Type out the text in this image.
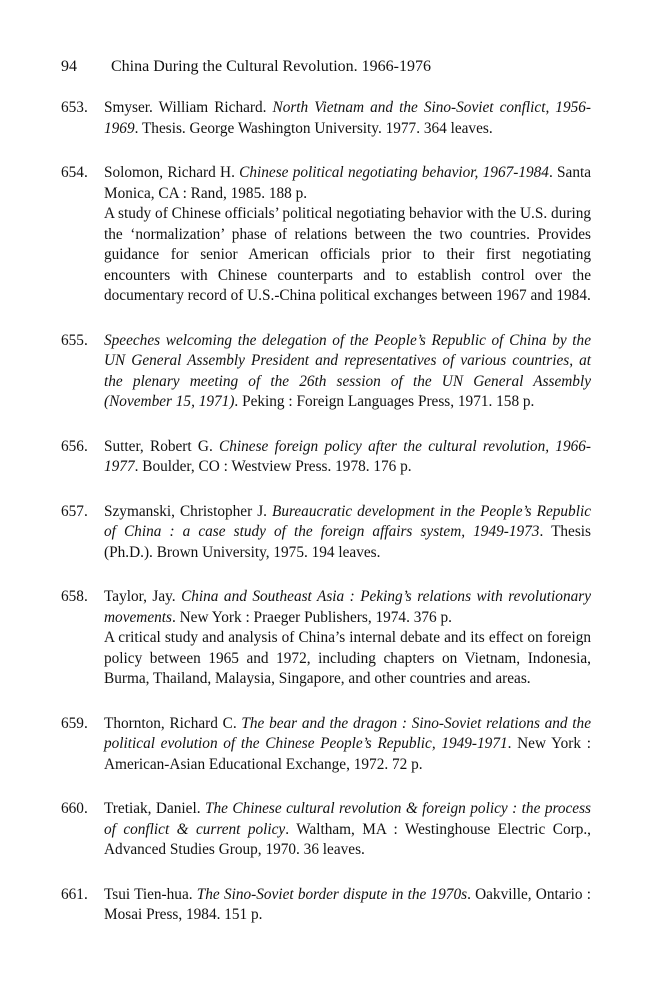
94 China During the Cultural Revolution. 1966-1976
653. Smyser. William Richard. North Vietnam and the Sino-Soviet conflict, 1956-1969. Thesis. George Washington University. 1977. 364 leaves.
654. Solomon, Richard H. Chinese political negotiating behavior, 1967-1984. Santa Monica, CA : Rand, 1985. 188 p.
A study of Chinese officials’ political negotiating behavior with the U.S. during the ‘normalization’ phase of relations between the two countries. Provides guidance for senior American officials prior to their first negotiating encounters with Chinese counterparts and to establish control over the documentary record of U.S.-China political exchanges between 1967 and 1984.
655. Speeches welcoming the delegation of the People’s Republic of China by the UN General Assembly President and representatives of various countries, at the plenary meeting of the 26th session of the UN General Assembly (November 15, 1971). Peking : Foreign Languages Press, 1971. 158 p.
656. Sutter, Robert G. Chinese foreign policy after the cultural revolution, 1966-1977. Boulder, CO : Westview Press. 1978. 176 p.
657. Szymanski, Christopher J. Bureaucratic development in the People’s Republic of China : a case study of the foreign affairs system, 1949-1973. Thesis (Ph.D.). Brown University, 1975. 194 leaves.
658. Taylor, Jay. China and Southeast Asia : Peking’s relations with revolutionary movements. New York : Praeger Publishers, 1974. 376 p.
A critical study and analysis of China’s internal debate and its effect on foreign policy between 1965 and 1972, including chapters on Vietnam, Indonesia, Burma, Thailand, Malaysia, Singapore, and other countries and areas.
659. Thornton, Richard C. The bear and the dragon : Sino-Soviet relations and the political evolution of the Chinese People’s Republic, 1949-1971. New York : American-Asian Educational Exchange, 1972. 72 p.
660. Tretiak, Daniel. The Chinese cultural revolution & foreign policy : the process of conflict & current policy. Waltham, MA : Westinghouse Electric Corp., Advanced Studies Group, 1970. 36 leaves.
661. Tsui Tien-hua. The Sino-Soviet border dispute in the 1970s. Oakville, Ontario : Mosai Press, 1984. 151 p.
